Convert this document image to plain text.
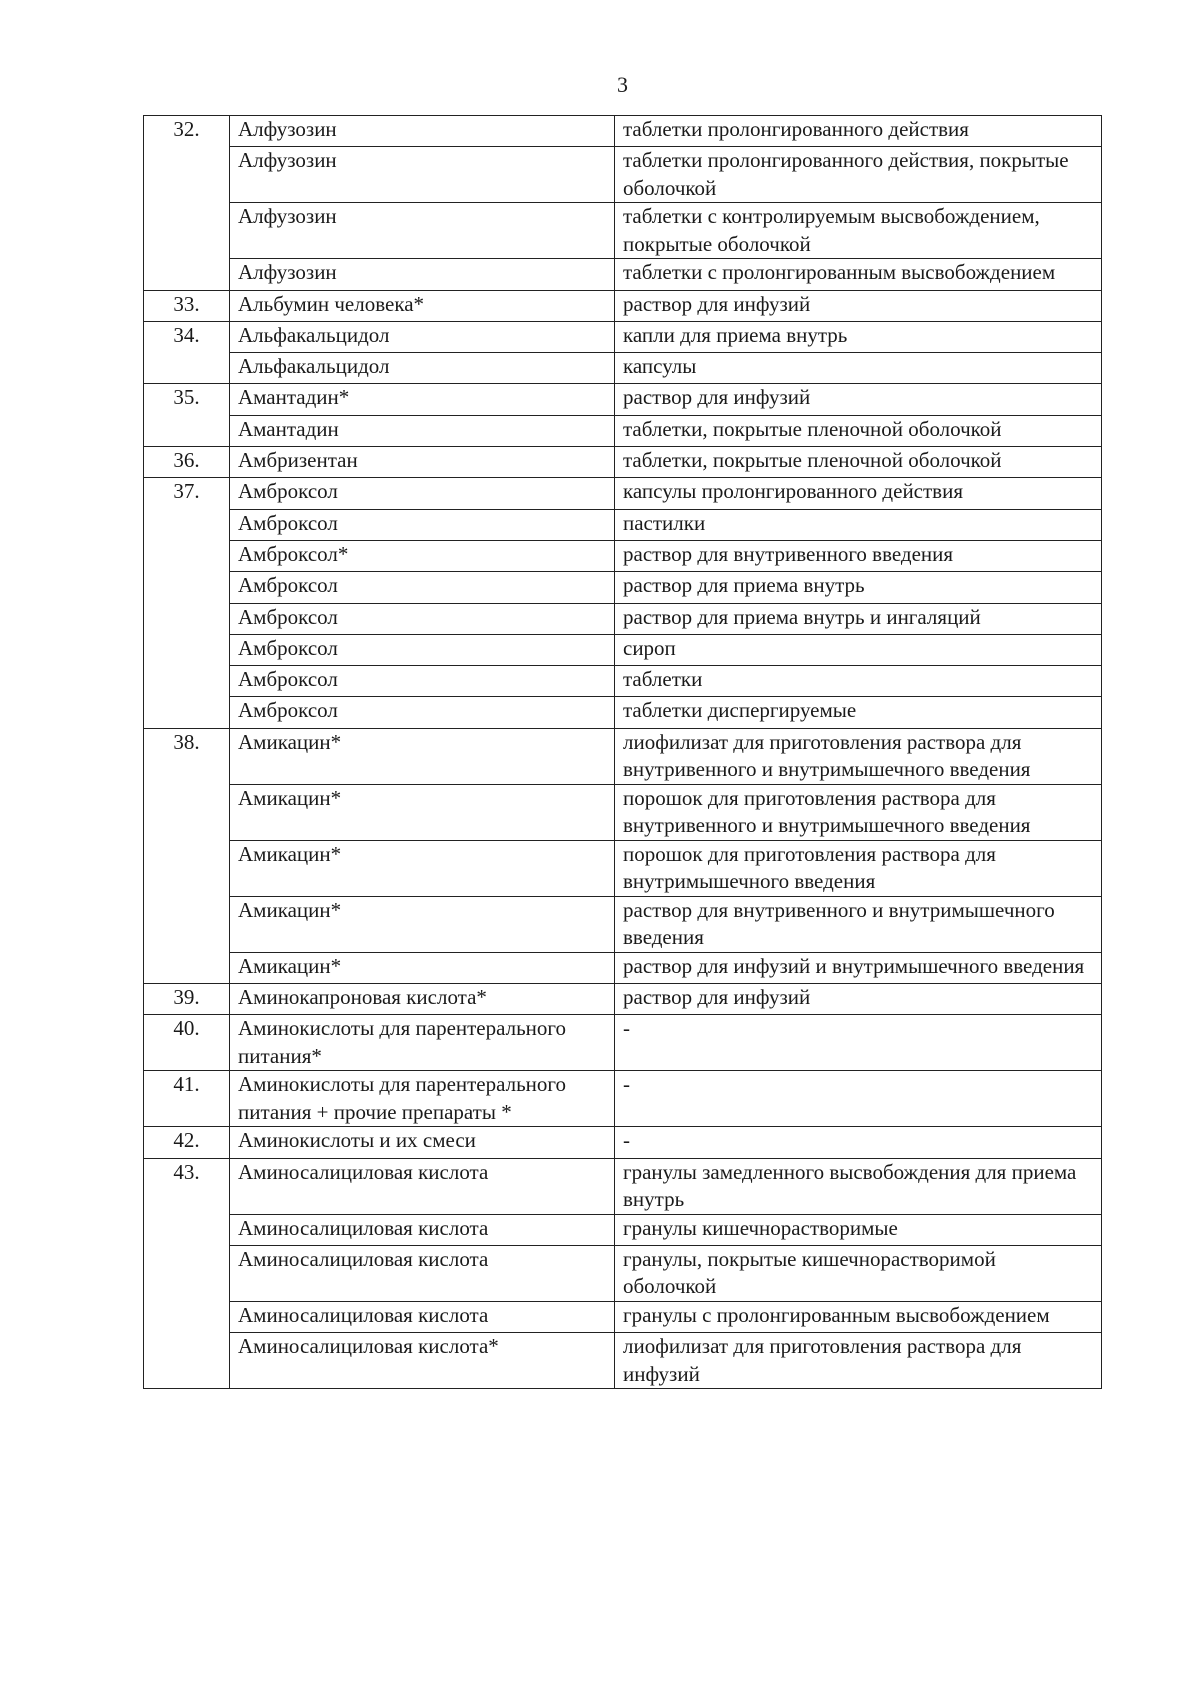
3
32.	Алфузозин	таблетки пролонгированного действия
	Алфузозин	таблетки пролонгированного действия, покрытые оболочкой
	Алфузозин	таблетки с контролируемым высвобождением, покрытые оболочкой
	Алфузозин	таблетки с пролонгированным высвобождением
33.	Альбумин человека*	раствор для инфузий
34.	Альфакальцидол	капли для приема внутрь
	Альфакальцидол	капсулы
35.	Амантадин*	раствор для инфузий
	Амантадин	таблетки, покрытые пленочной оболочкой
36.	Амбризентан	таблетки, покрытые пленочной оболочкой
37.	Амброксол	капсулы пролонгированного действия
	Амброксол	пастилки
	Амброксол*	раствор для внутривенного введения
	Амброксол	раствор для приема внутрь
	Амброксол	раствор для приема внутрь и ингаляций
	Амброксол	сироп
	Амброксол	таблетки
	Амброксол	таблетки диспергируемые
38.	Амикацин*	лиофилизат для приготовления раствора для внутривенного и внутримышечного введения
	Амикацин*	порошок для приготовления раствора для внутривенного и внутримышечного введения
	Амикацин*	порошок для приготовления раствора для внутримышечного введения
	Амикацин*	раствор для внутривенного и внутримышечного введения
	Амикацин*	раствор для инфузий и внутримышечного введения
39.	Аминокапроновая кислота*	раствор для инфузий
40.	Аминокислоты для парентерального питания*	-
41.	Аминокислоты для парентерального питания + прочие препараты *	-
42.	Аминокислоты и их смеси	-
43.	Аминосалициловая кислота	гранулы замедленного высвобождения для приема внутрь
	Аминосалициловая кислота	гранулы кишечнорастворимые
	Аминосалициловая кислота	гранулы, покрытые кишечнорастворимой оболочкой
	Аминосалициловая кислота	гранулы с пролонгированным высвобождением
	Аминосалициловая кислота*	лиофилизат для приготовления раствора для инфузий
